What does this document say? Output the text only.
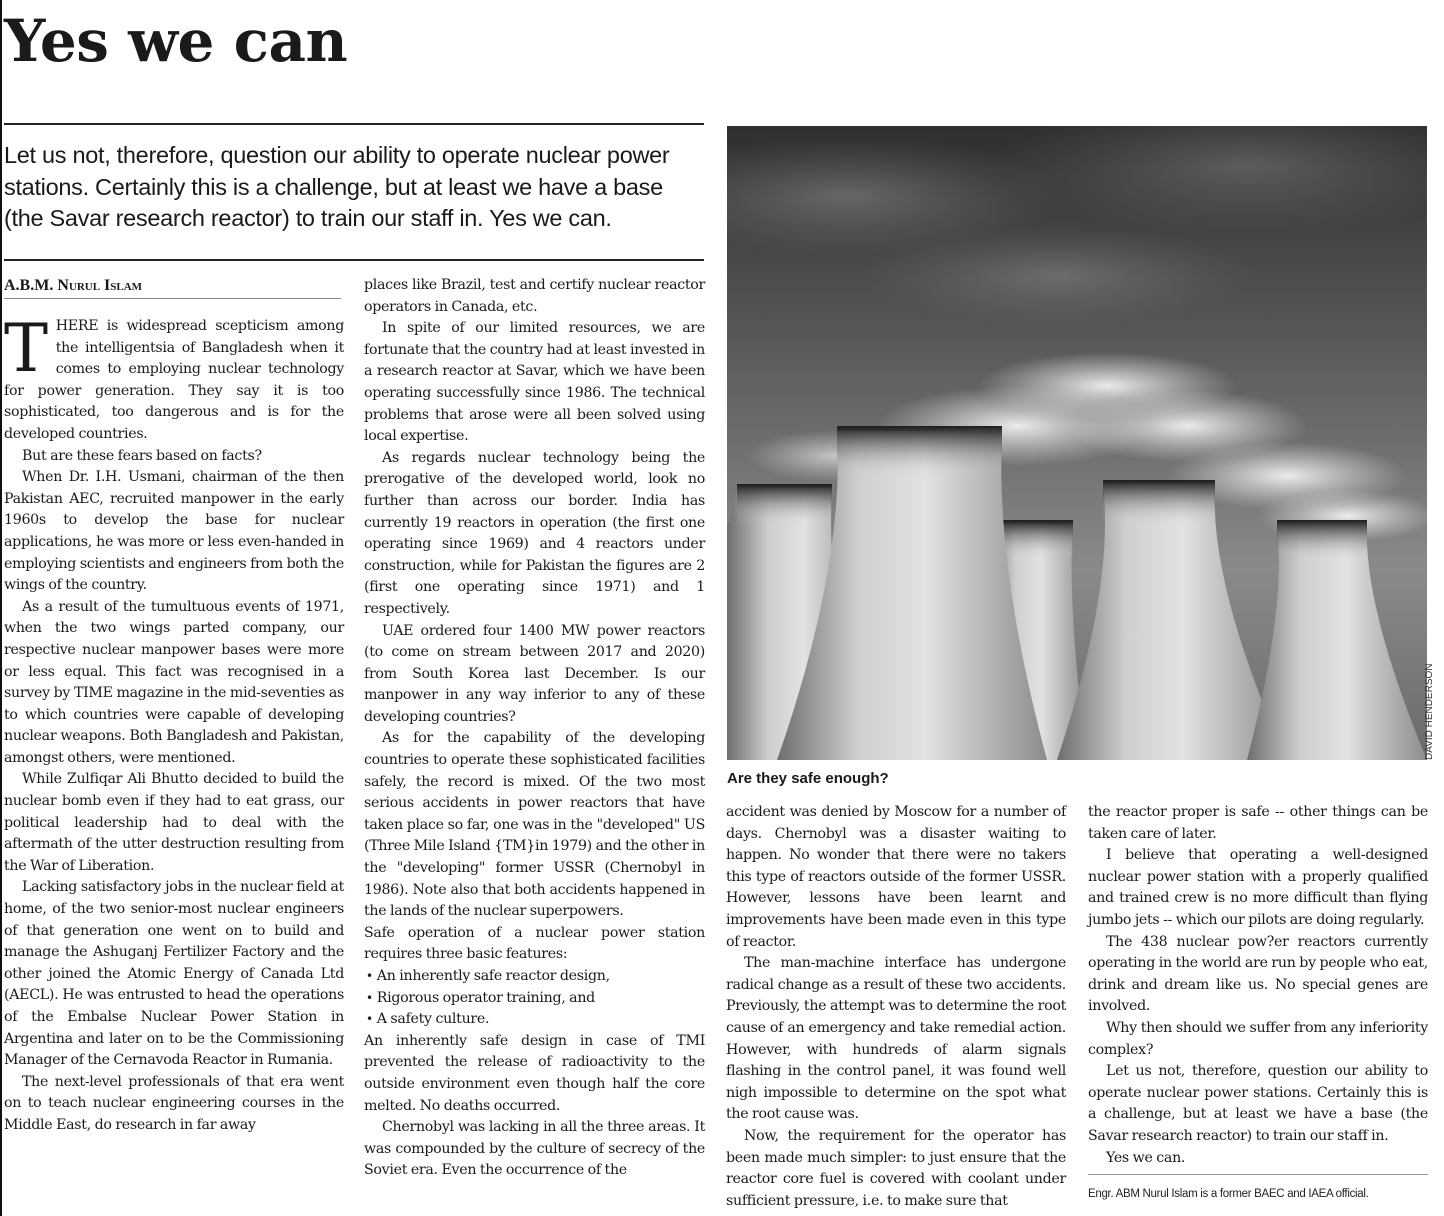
Yes we can
Let us not, therefore, question our ability to operate nuclear power stations. Certainly this is a challenge, but at least we have a base (the Savar research reactor) to train our staff in. Yes we can.
A.B.M. Nurul Islam

THERE is widespread scepticism among the intelligentsia of Bangladesh when it comes to employing nuclear technology for power generation. They say it is too sophisticated, too dangerous and is for the developed countries.

But are these fears based on facts?

When Dr. I.H. Usmani, chairman of the then Pakistan AEC, recruited manpower in the early 1960s to develop the base for nuclear applications, he was more or less even-handed in employing scientists and engineers from both the wings of the country.

As a result of the tumultuous events of 1971, when the two wings parted company, our respective nuclear manpower bases were more or less equal. This fact was recognised in a survey by TIME magazine in the mid-seventies as to which countries were capable of developing nuclear weapons. Both Bangladesh and Pakistan, amongst others, were mentioned.

While Zulfiqar Ali Bhutto decided to build the nuclear bomb even if they had to eat grass, our political leadership had to deal with the aftermath of the utter destruction resulting from the War of Liberation.

Lacking satisfactory jobs in the nuclear field at home, of the two senior-most nuclear engineers of that generation one went on to build and manage the Ashuganj Fertilizer Factory and the other joined the Atomic Energy of Canada Ltd (AECL). He was entrusted to head the operations of the Embalse Nuclear Power Station in Argentina and later on to be the Commissioning Manager of the Cernavoda Reactor in Rumania.

The next-level professionals of that era went on to teach nuclear engineering courses in the Middle East, do research in far away

places like Brazil, test and certify nuclear reactor operators in Canada, etc.

In spite of our limited resources, we are fortunate that the country had at least invested in a research reactor at Savar, which we have been operating successfully since 1986. The technical problems that arose were all been solved using local expertise.

As regards nuclear technology being the prerogative of the developed world, look no further than across our border. India has currently 19 reactors in operation (the first one operating since 1969) and 4 reactors under construction, while for Pakistan the figures are 2 (first one operating since 1971) and 1 respectively.

UAE ordered four 1400 MW power reactors (to come on stream between 2017 and 2020) from South Korea last December. Is our manpower in any way inferior to any of these developing countries?

As for the capability of the developing countries to operate these sophisticated facilities safely, the record is mixed. Of the two most serious accidents in power reactors that have taken place so far, one was in the "developed" US (Three Mile Island {TM}in 1979) and the other in the "developing" former USSR (Chernobyl in 1986). Note also that both accidents happened in the lands of the nuclear superpowers.

Safe operation of a nuclear power station requires three basic features:

• An inherently safe reactor design,

• Rigorous operator training, and

• A safety culture.

An inherently safe design in case of TMI prevented the release of radioactivity to the outside environment even though half the core melted. No deaths occurred.

Chernobyl was lacking in all the three areas. It was compounded by the culture of secrecy of the Soviet era. Even the occurrence of the

DAVID HENDERSON
Are they safe enough?

accident was denied by Moscow for a number of days. Chernobyl was a disaster waiting to happen. No wonder that there were no takers this type of reactors outside of the former USSR. However, lessons have been learnt and improvements have been made even in this type of reactor.

The man-machine interface has undergone radical change as a result of these two accidents. Previously, the attempt was to determine the root cause of an emergency and take remedial action. However, with hundreds of alarm signals flashing in the control panel, it was found well nigh impossible to determine on the spot what the root cause was.

Now, the requirement for the operator has been made much simpler: to just ensure that the reactor core fuel is covered with coolant under sufficient pressure, i.e. to make sure that

the reactor proper is safe -- other things can be taken care of later.

I believe that operating a well-designed nuclear power station with a properly qualified and trained crew is no more difficult than flying jumbo jets -- which our pilots are doing regularly.

The 438 nuclear pow?er reactors currently operating in the world are run by people who eat, drink and dream like us. No special genes are involved.

Why then should we suffer from any inferiority complex?

Let us not, therefore, question our ability to operate nuclear power stations. Certainly this is a challenge, but at least we have a base (the Savar research reactor) to train our staff in.

Yes we can.

Engr. ABM Nurul Islam is a former BAEC and IAEA official.
